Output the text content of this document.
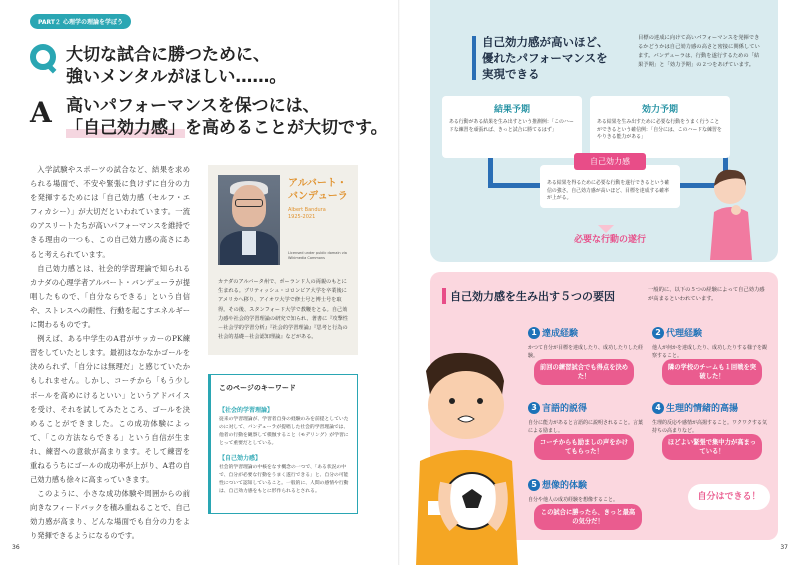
PART２ 心理学の理論を学ぼう
大切な試合に勝つために、
強いメンタルがほしい……。
A 高いパフォーマンスを保つには、
「自己効力感」を高めることが大切です。

入学試験やスポーツの試合など、結果を求められる場面で、不安や緊張に負けずに自分の力を発揮するためには「自己効力感（セルフ・エフィカシー）」が大切だといわれています。一流のアスリートたちが高いパフォーマンスを維持できる理由の一つも、この自己効力感の高さにあると考えられています。

自己効力感とは、社会的学習理論で知られるカナダの心理学者アルバート・バンデューラが提唱したもので、「自分ならできる」という自信や、ストレスへの耐性、行動を起こすエネルギーに関わるものです。

例えば、ある中学生のA君がサッカーのPK練習をしていたとします。最初はなかなかゴールを決められず、「自分には無理だ」と感じていたかもしれません。しかし、コーチから「もう少しボールを高めにけるといい」というアドバイスを受け、それを試してみたところ、ゴールを決めることができました。この成功体験によって、「この方法ならできる」という自信が生まれ、練習への意欲が高まります。そして練習を重ねるうちにゴールの成功率が上がり、A君の自己効力感も徐々に高まっていきます。

このように、小さな成功体験や周囲からの前向きなフィードバックを積み重ねることで、自己効力感が高まり、どんな場面でも自分の力をより発揮できるようになるのです。

アルバート・
バンデューラ
Albert Bandura
1925-2021
Licensed under public domain via Wikimedia Commons
カナダのアルバータ州で、ポーランド人の両親のもとに生まれる。ブリティッシュ・コロンビア大学を卒業後にアメリカへ移り、アイオワ大学で修士号と博士号を取得。その後、スタンフォード大学で教鞭をとる。自己効力感や社会的学習理論の研究で知られ、著書に『攻撃性－社会学的学習分析』『社会的学習理論』『思考と行為の社会的基礎－社会認知理論』などがある。
このページのキーワード
【社会的学習理論】
従来の学習理論が、学習者自身の経験のみを前提としていたのに対して、バンデューラが提唱した社会的学習理論では、他者の行動を観察して模倣すること（モデリング）が学習にとって重要だとしている。
【自己効力感】
社会的学習理論の中核をなす概念の一つで、「ある状況の中で、自分が必要な行動をうまく遂行できる」と、自分の可能性について認知していること。一般的に、人間の感情や行動は、自己効力感をもとに形作られるとされる。
36
自己効力感が高いほど、
優れたパフォーマンスを
実現できる
目標の達成に向けて高いパフォーマンスを発揮できるかどうかは自己効力感の高さと密接に関係しています。バンデューラは、行動を遂行するための「結果予期」と「効力予期」の２つをあげています。
結果予期
ある行動がある結果を生み出すという推測例：「このハードな練習を頑張れば、きっと試合に勝てるはず」
効力予期
ある結果を生み出すために必要な行動をうまく行うことができるという確信例：「自分には、このハードな練習をやりきる能力がある」
自己効力感
ある結果を得るために必要な行動を遂行できるという確信の強さ。自己効力感が高いほど、目標を達成する確率が上がる。
必要な行動の遂行
自己効力感を生み出す５つの要因	一般的に、以下の５つの経験によって自己効力感が高まるといわれています。
1 達成経験
かつて自分が目標を達成したり、成功したりした経験。
前回の練習試合でも得点を決めた！
2 代理経験
他人が何かを達成したり、成功したりする様子を観察すること。
隣の学校のチームも１回戦を突破した！
3 言語的説得
自分に能力があると言語的に説明されること。言葉による励まし。
コーチからも励ましの声をかけてもらった！
4 生理的情緒的高揚
生理的反応や感情が高揚すること。ワクワクする気持ちの高まりなど。
ほどよい緊張で集中力が高まっている！
5 想像的体験
自分や他人の成功経験を想像すること。
この試合に勝ったら、きっと最高の気分だ！
自分はできる！
37
